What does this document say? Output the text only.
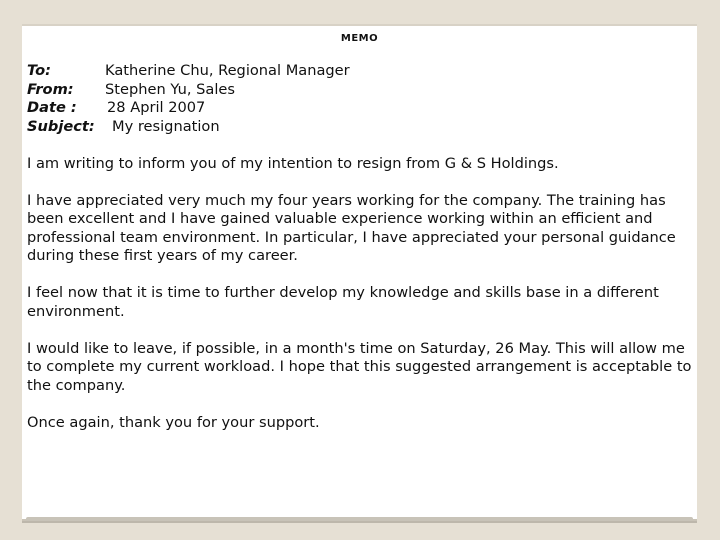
MEMO
To:	Katherine Chu, Regional Manager
From:	Stephen Yu, Sales
Date :	28 April 2007
Subject:	My resignation

I am writing to inform you of my intention to resign from G & S Holdings.

I have appreciated very much my four years working for the company. The training has been excellent and I have gained valuable experience working within an efficient and professional team environment. In particular, I have appreciated your personal guidance during these first years of my career.

I feel now that it is time to further develop my knowledge and skills base in a different environment.

I would like to leave, if possible, in a month's time on Saturday, 26 May. This will allow me to complete my current workload. I hope that this suggested arrangement is acceptable to the company.

Once again, thank you for your support.
